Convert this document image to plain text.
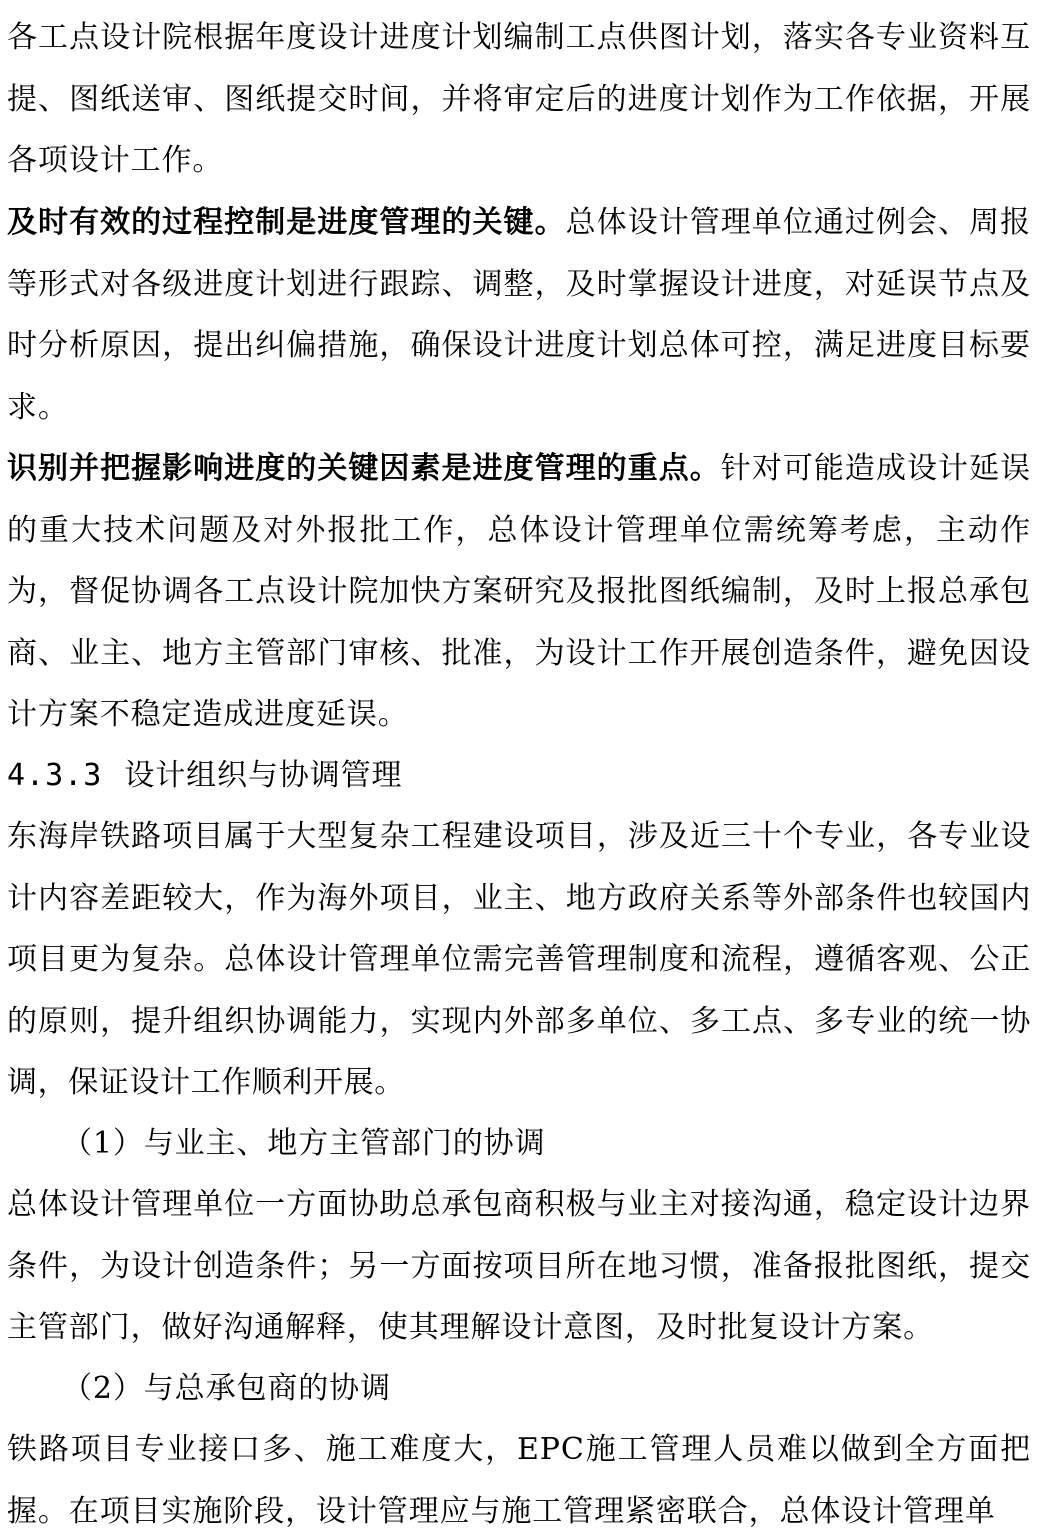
各工点设计院根据年度设计进度计划编制工点供图计划，落实各专业资料互提、图纸送审、图纸提交时间，并将审定后的进度计划作为工作依据，开展各项设计工作。

及时有效的过程控制是进度管理的关键。总体设计管理单位通过例会、周报等形式对各级进度计划进行跟踪、调整，及时掌握设计进度，对延误节点及时分析原因，提出纠偏措施，确保设计进度计划总体可控，满足进度目标要求。

识别并把握影响进度的关键因素是进度管理的重点。针对可能造成设计延误的重大技术问题及对外报批工作，总体设计管理单位需统筹考虑，主动作为，督促协调各工点设计院加快方案研究及报批图纸编制，及时上报总承包商、业主、地方主管部门审核、批准，为设计工作开展创造条件，避免因设计方案不稳定造成进度延误。

4.3.3 设计组织与协调管理

东海岸铁路项目属于大型复杂工程建设项目，涉及近三十个专业，各专业设计内容差距较大，作为海外项目，业主、地方政府关系等外部条件也较国内项目更为复杂。总体设计管理单位需完善管理制度和流程，遵循客观、公正的原则，提升组织协调能力，实现内外部多单位、多工点、多专业的统一协调，保证设计工作顺利开展。

（1）与业主、地方主管部门的协调

总体设计管理单位一方面协助总承包商积极与业主对接沟通，稳定设计边界条件，为设计创造条件；另一方面按项目所在地习惯，准备报批图纸，提交主管部门，做好沟通解释，使其理解设计意图，及时批复设计方案。

（2）与总承包商的协调

铁路项目专业接口多、施工难度大，EPC施工管理人员难以做到全方面把握。在项目实施阶段，设计管理应与施工管理紧密联合，总体设计管理单
